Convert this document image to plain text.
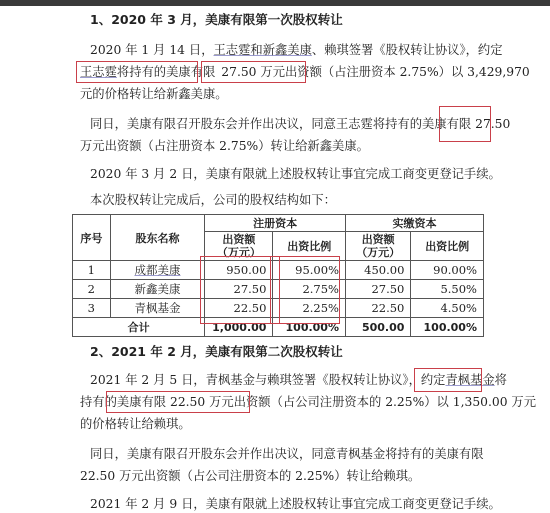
1、2020 年 3 月，美康有限第一次股权转让
2020 年 1 月 14 日，王志霆和新鑫美康、赖琪签署《股权转让协议》，约定
王志霆将持有的美康有限 27.50 万元出资额（占注册资本 2.75%）以 3,429,970
元的价格转让给新鑫美康。
同日，美康有限召开股东会并作出决议，同意王志霆将持有的美康有限 27.50
万元出资额（占注册资本 2.75%）转让给新鑫美康。
2020 年 3 月 2 日，美康有限就上述股权转让事宜完成工商变更登记手续。
本次股权转让完成后，公司的股权结构如下：
序号	股东名称	注册资本		实缴资本	
		出资额
（万元）	出资比例	出资额
（万元）	出资比例
1	成都美康	950.00	95.00%	450.00	90.00%
2	新鑫美康	27.50	2.75%	27.50	5.50%
3	青枫基金	22.50	2.25%	22.50	4.50%
合计		1,000.00	100.00%	500.00	100.00%
2、2021 年 2 月，美康有限第二次股权转让
2021 年 2 月 5 日，青枫基金与赖琪签署《股权转让协议》，约定青枫基金将
持有的美康有限 22.50 万元出资额（占公司注册资本的 2.25%）以 1,350.00 万元
的价格转让给赖琪。
同日，美康有限召开股东会并作出决议，同意青枫基金将持有的美康有限
22.50 万元出资额（占公司注册资本的 2.25%）转让给赖琪。
2021 年 2 月 9 日，美康有限就上述股权转让事宜完成工商变更登记手续。
